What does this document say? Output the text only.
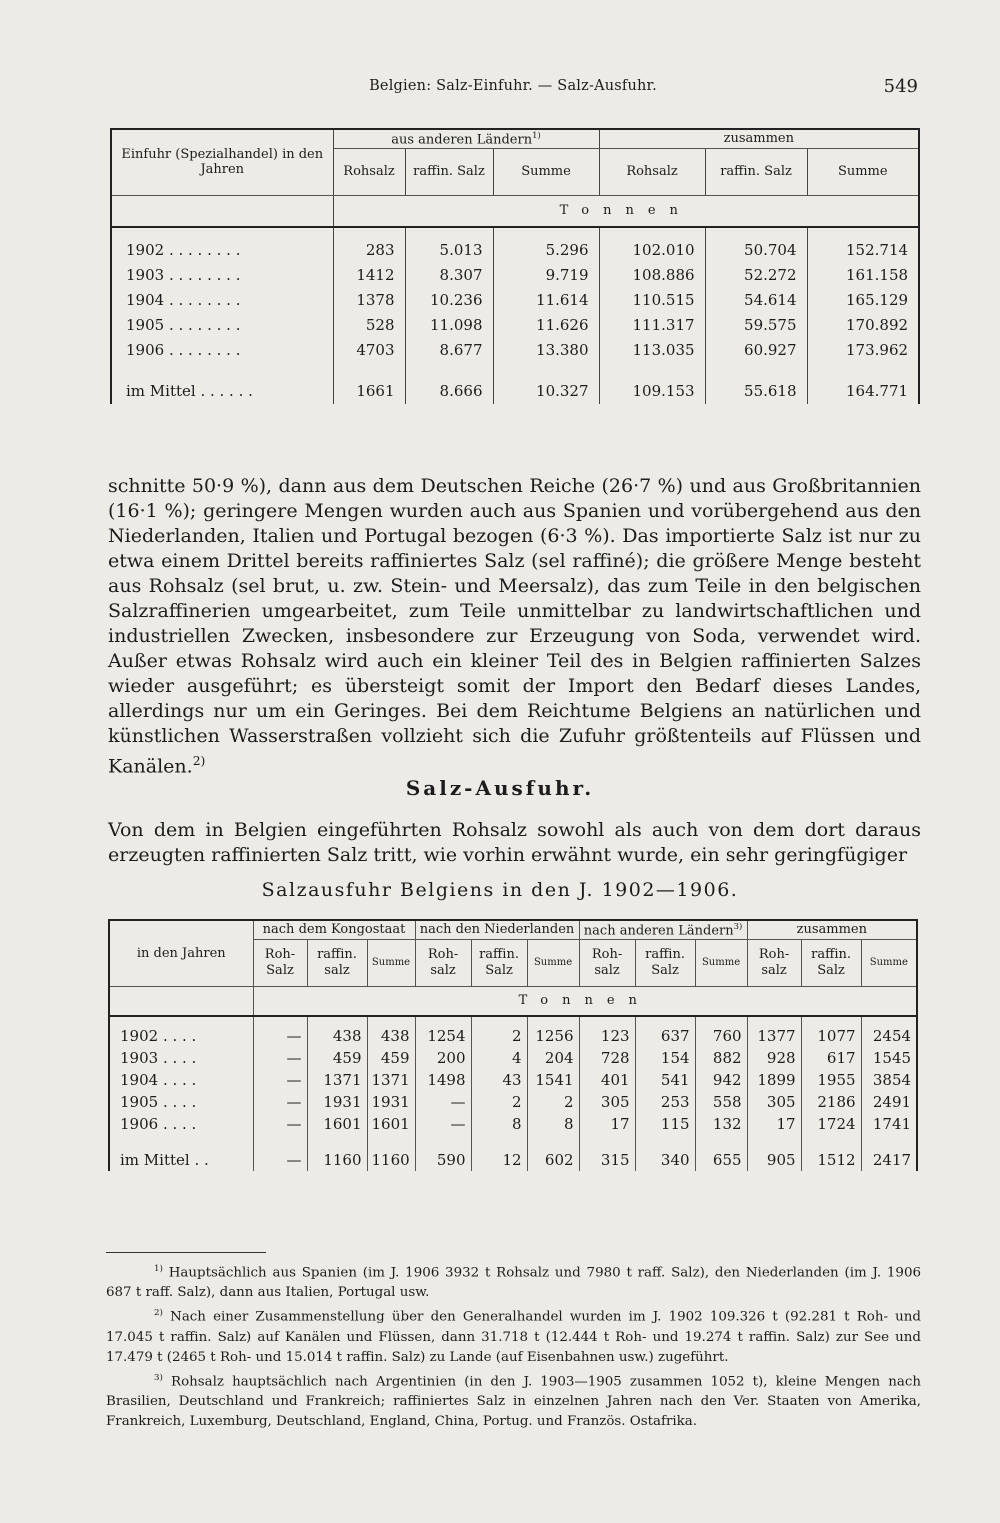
Belgien: Salz-Einfuhr. — Salz-Ausfuhr.	549
Einfuhr (Spezialhandel) in den Jahren	aus anderen Ländern$^{1)}$			zusammen		
	Rohsalz	raffin. Salz	Summe	Rohsalz	raffin. Salz	Summe
	Tonnen					
1902 . . . . . . . .	283	5.013	5.296	102.010	50.704	152.714
1903 . . . . . . . .	1412	8.307	9.719	108.886	52.272	161.158
1904 . . . . . . . .	1378	10.236	11.614	110.515	54.614	165.129
1905 . . . . . . . .	528	11.098	11.626	111.317	59.575	170.892
1906 . . . . . . . .	4703	8.677	13.380	113.035	60.927	173.962

im Mittel . . . . . .	1661	8.666	10.327	109.153	55.618	164.771

schnitte 50·9 %), dann aus dem Deutschen Reiche (26·7 %) und aus Großbritannien (16·1 %); geringere Mengen wurden auch aus Spanien und vorübergehend aus den Niederlanden, Italien und Portugal bezogen (6·3 %). Das importierte Salz ist nur zu etwa einem Drittel bereits raffiniertes Salz (sel raffiné); die größere Menge besteht aus Rohsalz (sel brut, u. zw. Stein- und Meersalz), das zum Teile in den belgischen Salzraffinerien umgearbeitet, zum Teile unmittelbar zu landwirtschaftlichen und industriellen Zwecken, insbesondere zur Erzeugung von Soda, verwendet wird. Außer etwas Rohsalz wird auch ein kleiner Teil des in Belgien raffinierten Salzes wieder ausgeführt; es übersteigt somit der Import den Bedarf dieses Landes, allerdings nur um ein Geringes. Bei dem Reichtume Belgiens an natürlichen und künstlichen Wasserstraßen vollzieht sich die Zufuhr größtenteils auf Flüssen und Kanälen.$^{2)}$

Salz-Ausfuhr.

Von dem in Belgien eingeführten Rohsalz sowohl als auch von dem dort daraus erzeugten raffinierten Salz tritt, wie vorhin erwähnt wurde, ein sehr geringfügiger

Salzausfuhr Belgiens in den J. 1902—1906.
in den Jahren	nach dem Kongostaat			nach den Niederlanden			nach anderen Ländern$^{3)}$			zusammen		
	Roh- Salz	raffin. salz	Summe	Roh- salz	raffin. Salz	Summe	Roh- salz	raffin. Salz	Summe	Roh- salz	raffin. Salz	Summe
	Tonnen											
1902 . . . .	—	438	438	1254	2	1256	123	637	760	1377	1077	2454
1903 . . . .	—	459	459	200	4	204	728	154	882	928	617	1545
1904 . . . .	—	1371	1371	1498	43	1541	401	541	942	1899	1955	3854
1905 . . . .	—	1931	1931	—	2	2	305	253	558	305	2186	2491
1906 . . . .	—	1601	1601	—	8	8	17	115	132	17	1724	1741

im Mittel . .	—	1160	1160	590	12	602	315	340	655	905	1512	2417

$^{1)}$ Hauptsächlich aus Spanien (im J. 1906 3932 t Rohsalz und 7980 t raff. Salz), den Niederlanden (im J. 1906 687 t raff. Salz), dann aus Italien, Portugal usw.

$^{2)}$ Nach einer Zusammenstellung über den Generalhandel wurden im J. 1902 109.326 t (92.281 t Roh- und 17.045 t raffin. Salz) auf Kanälen und Flüssen, dann 31.718 t (12.444 t Roh- und 19.274 t raffin. Salz) zur See und 17.479 t (2465 t Roh- und 15.014 t raffin. Salz) zu Lande (auf Eisenbahnen usw.) zugeführt.

$^{3)}$ Rohsalz hauptsächlich nach Argentinien (in den J. 1903—1905 zusammen 1052 t), kleine Mengen nach Brasilien, Deutschland und Frankreich; raffiniertes Salz in einzelnen Jahren nach den Ver. Staaten von Amerika, Frankreich, Luxemburg, Deutschland, England, China, Portug. und Französ. Ostafrika.
